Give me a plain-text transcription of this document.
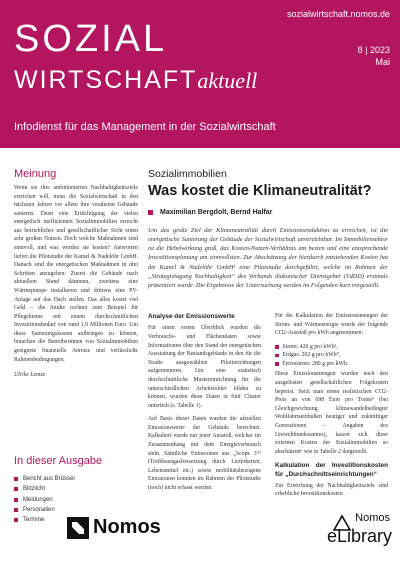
SOZIAL
WIRTSCHAFTaktuell
sozialwirtschaft.nomos.de
8 | 2023
Mai
Infodienst für das Management in der Sozialwirtschaft
Meinung
Wenn sie ihre ambitionierten Nachhaltigkeitsziele erreichen will, muss die Sozialwirtschaft in den nächsten Jahren vor allem ihre veralteten Gebäude sanieren. Denn eine Ertüchtigung der vielen energetisch ineffizienten Sozialimmobilien erreicht aus betrieblicher und gesellschaftlicher Sicht einen sehr großen Nutzen. Doch welche Maßnahmen sind sinnvoll, und was werden sie kosten? Antworten liefert die Pilotstudie der Kamel & Nadelöhr GmbH. Danach sind die energetischen Maßnahmen in drei Schritten anzugehen: Zuerst die Gebäude nach aktuellem Stand dämmen, zweitens eine Wärmepumpe installieren und drittens eine PV-Anlage auf das Dach stellen. Das alles kostet viel Geld – die Studie rechnet zum Beispiel für Pflegeheime mit einem durchschnittlichen Investitionsbedarf von rund 1,9 Millionen Euro. Um diese Sanierungskosten aufbringen zu können, brauchen die Betreiberinnen von Sozialimmobilien geeignete finanzielle Anreize und verlässliche Rahmenbedingungen.
Ulrike Lentze
In dieser Ausgabe
Bericht aus Brüssel
Blitzlicht
Meldungen
Personalien
Termine
Sozialimmobilien
Was kostet die Klimaneutralität?
Maximilian Bergdolt, Bernd Halfar
Um das große Ziel der Klimaneutralität durch Emissionsreduktion zu erreichen, ist die energetische Sanierung der Gebäude der Sozialwirtschaft unverzichtbar. Im Immobiliensektor ist die Hebelwirkung groß, das Kosten-Nutzen-Verhältnis am besten und eine entsprechende Investitionsplanung am sinnvollsten. Zur Abschätzung der hierdurch entstehenden Kosten hat die Kamel & Nadelöhr GmbH¹ eine Pilotstudie durchgeführt, welche im Rahmen der „Strategietagung Nachhaltigkeit“ des Verbands diakonischer Dienstgeber (VdDD) erstmals präsentiert wurde. Die Ergebnisse der Untersuchung werden im Folgenden kurz vorgestellt.
Analyse der Emissionswerte

Für einen ersten Überblick wurden die Verbrauchs- und Flächendaten sowie Informationen über den Stand der energetischen Ausstattung der Bestandsgebäude in den für die Studie ausgewählten Pilotinrichtungen aufgenommen. Um eine statistisch durchschnittliche Mustereinrichtung für die unterschiedlichen Arbeitsfelder bilden zu können, wurden diese Daten in fünf Cluster unterteilt (s. Tabelle 1).

Auf Basis dieser Daten wurden die aktuellen Emissionswerte der Gebäude berechnet. Kalkuliert wurde nur jener Ausstoß, welcher im Zusammenhang mit dem Energieverbrauch steht. Sämtliche Emissionen aus „Scope 3“² (Treibhausgasfreisetzung durch Lieferketten, Lebensmittel etc.) sowie mobilitätsbezogene Emissionen konnten im Rahmen der Pilotstudie (noch) nicht erfasst werden.

Für die Kalkulation der Emissionsmengen der Strom- und Wärmeenergie wurde der folgende CO2-Ausstoß pro kWh angenommen:

Strom: 420 g pro kWh³,
Erdgas: 202 g pro kWh⁴,
Fernwärme: 280 g pro kWh.

Diese Emissionsmengen wurden nach den ausgelösten gesellschaftlichen Folgekosten bepreist. Setzt man einen realistischen CO2-Preis an von 698 Euro pro Tonne⁵ (bei Gleichgewichtung klimawandelbedingter Wohlfahrtseinbußen heutiger und zukünftiger Generationen – Angaben des Umweltbundesamtes), lassen sich diese externen Kosten der Sozialimmobilien so abschätzen⁶ wie in Tabelle 2 dargestellt.

Kalkulation der Investitionskosten für „Durchschnittseinrichtungen“

Zur Erreichung der Nachhaltigkeitsziele sind erhebliche Investitionskosten

Nomos	Nomos
eLibrary
